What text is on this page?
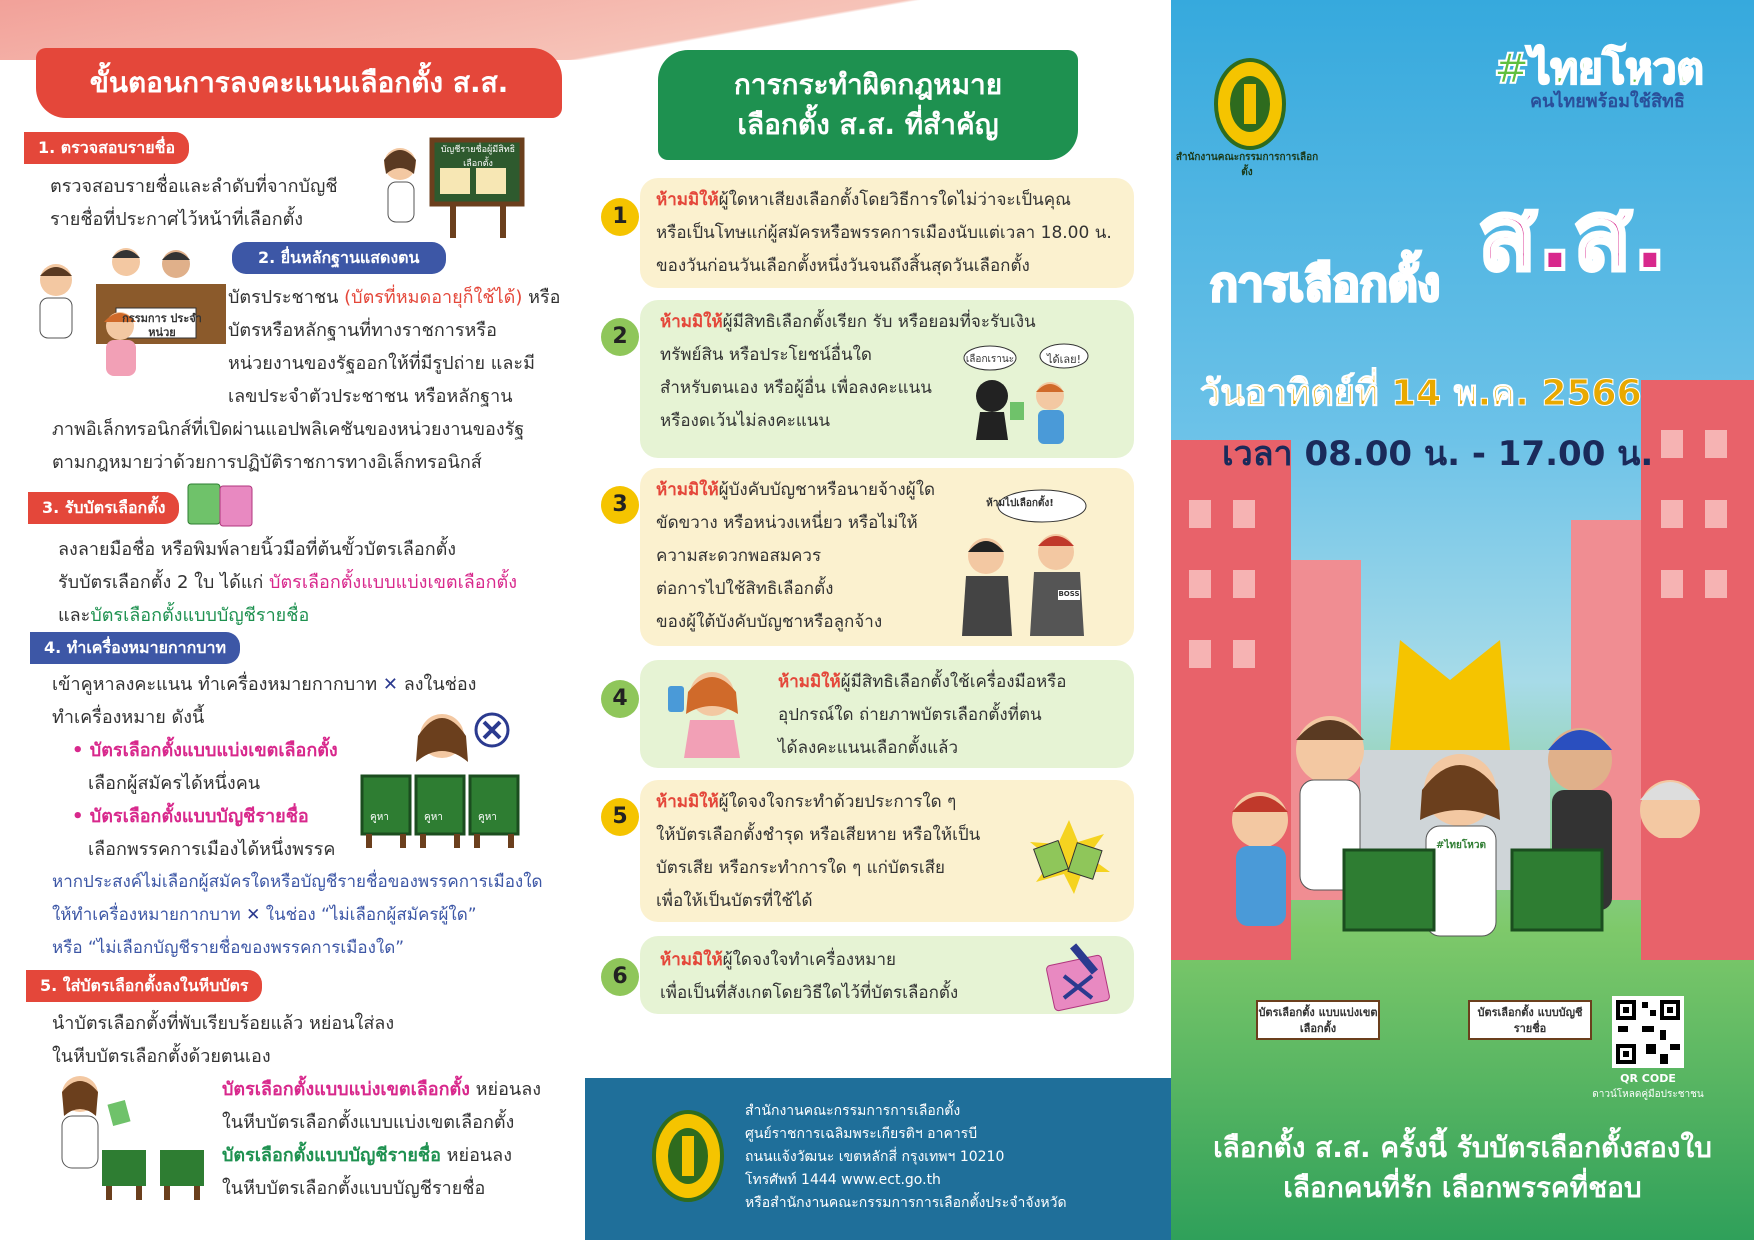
ขั้นตอนการลงคะแนนเลือกตั้ง ส.ส.
1. ตรวจสอบรายชื่อ
ตรวจสอบรายชื่อและลำดับที่จากบัญชี
รายชื่อที่ประกาศไว้หน้าที่เลือกตั้ง
บัญชีรายชื่อผู้มีสิทธิเลือกตั้ง
2. ยื่นหลักฐานแสดงตน
กรรมการ ประจำหน่วย
บัตรประชาชน (บัตรที่หมดอายุก็ใช้ได้) หรือ
บัตรหรือหลักฐานที่ทางราชการหรือ
หน่วยงานของรัฐออกให้ที่มีรูปถ่าย และมี
เลขประจำตัวประชาชน หรือหลักฐาน
ภาพอิเล็กทรอนิกส์ที่เปิดผ่านแอปพลิเคชันของหน่วยงานของรัฐ
ตามกฎหมายว่าด้วยการปฏิบัติราชการทางอิเล็กทรอนิกส์
3. รับบัตรเลือกตั้ง
ลงลายมือชื่อ หรือพิมพ์ลายนิ้วมือที่ต้นขั้วบัตรเลือกตั้ง
รับบัตรเลือกตั้ง 2 ใบ ได้แก่ บัตรเลือกตั้งแบบแบ่งเขตเลือกตั้ง
และบัตรเลือกตั้งแบบบัญชีรายชื่อ
4. ทำเครื่องหมายกากบาท
เข้าคูหาลงคะแนน ทำเครื่องหมายกากบาท ✕ ลงในช่อง
ทำเครื่องหมาย ดังนี้
• บัตรเลือกตั้งแบบแบ่งเขตเลือกตั้ง
เลือกผู้สมัครได้หนึ่งคน
• บัตรเลือกตั้งแบบบัญชีรายชื่อ
เลือกพรรคการเมืองได้หนึ่งพรรค
คูหา	คูหา	คูหา
หากประสงค์ไม่เลือกผู้สมัครใดหรือบัญชีรายชื่อของพรรคการเมืองใด
ให้ทำเครื่องหมายกากบาท ✕ ในช่อง “ไม่เลือกผู้สมัครผู้ใด”
หรือ “ไม่เลือกบัญชีรายชื่อของพรรคการเมืองใด”
5. ใส่บัตรเลือกตั้งลงในหีบบัตร
นำบัตรเลือกตั้งที่พับเรียบร้อยแล้ว หย่อนใส่ลง
ในหีบบัตรเลือกตั้งด้วยตนเอง
บัตรเลือกตั้งแบบแบ่งเขตเลือกตั้ง หย่อนลง
ในหีบบัตรเลือกตั้งแบบแบ่งเขตเลือกตั้ง
บัตรเลือกตั้งแบบบัญชีรายชื่อ หย่อนลง
ในหีบบัตรเลือกตั้งแบบบัญชีรายชื่อ
การกระทำผิดกฎหมาย
เลือกตั้ง ส.ส. ที่สำคัญ
1
ห้ามมิให้ผู้ใดหาเสียงเลือกตั้งโดยวิธีการใดไม่ว่าจะเป็นคุณ
หรือเป็นโทษแก่ผู้สมัครหรือพรรคการเมืองนับแต่เวลา 18.00 น.
ของวันก่อนวันเลือกตั้งหนึ่งวันจนถึงสิ้นสุดวันเลือกตั้ง
2
ห้ามมิให้ผู้มีสิทธิเลือกตั้งเรียก รับ หรือยอมที่จะรับเงิน
ทรัพย์สิน หรือประโยชน์อื่นใด
สำหรับตนเอง หรือผู้อื่น เพื่อลงคะแนน
หรืองดเว้นไม่ลงคะแนน
เลือกเรานะ	ได้เลย!
3
ห้ามมิให้ผู้บังคับบัญชาหรือนายจ้างผู้ใด
ขัดขวาง หรือหน่วงเหนี่ยว หรือไม่ให้
ความสะดวกพอสมควร
ต่อการไปใช้สิทธิเลือกตั้ง
ของผู้ใต้บังคับบัญชาหรือลูกจ้าง
ห้ามไปเลือกตั้ง!
BOSS
4
ห้ามมิให้ผู้มีสิทธิเลือกตั้งใช้เครื่องมือหรือ
อุปกรณ์ใด ถ่ายภาพบัตรเลือกตั้งที่ตน
ได้ลงคะแนนเลือกตั้งแล้ว
5
ห้ามมิให้ผู้ใดจงใจกระทำด้วยประการใด ๆ
ให้บัตรเลือกตั้งชำรุด หรือเสียหาย หรือให้เป็น
บัตรเสีย หรือกระทำการใด ๆ แก่บัตรเสีย
เพื่อให้เป็นบัตรที่ใช้ได้
6
ห้ามมิให้ผู้ใดจงใจทำเครื่องหมาย
เพื่อเป็นที่สังเกตโดยวิธีใดไว้ที่บัตรเลือกตั้ง
สำนักงานคณะกรรมการการเลือกตั้ง
ศูนย์ราชการเฉลิมพระเกียรติฯ อาคารบี
ถนนแจ้งวัฒนะ เขตหลักสี่ กรุงเทพฯ 10210
โทรศัพท์ 1444 www.ect.go.th
หรือสำนักงานคณะกรรมการการเลือกตั้งประจำจังหวัด
สำนักงานคณะกรรมการการเลือกตั้ง
#ไทยโหวต
คนไทยพร้อมใช้สิทธิ
การเลือกตั้ง ส.ส.
วันอาทิตย์ที่ 14 พ.ค. 2566
เวลา 08.00 น. - 17.00 น.
บัตรเลือกตั้ง แบบแบ่งเขตเลือกตั้ง
บัตรเลือกตั้ง แบบบัญชีรายชื่อ
#ไทยโหวต
QR CODE
ดาวน์โหลดคู่มือประชาชน
เลือกตั้ง ส.ส. ครั้งนี้ รับบัตรเลือกตั้งสองใบ
เลือกคนที่รัก เลือกพรรคที่ชอบ
